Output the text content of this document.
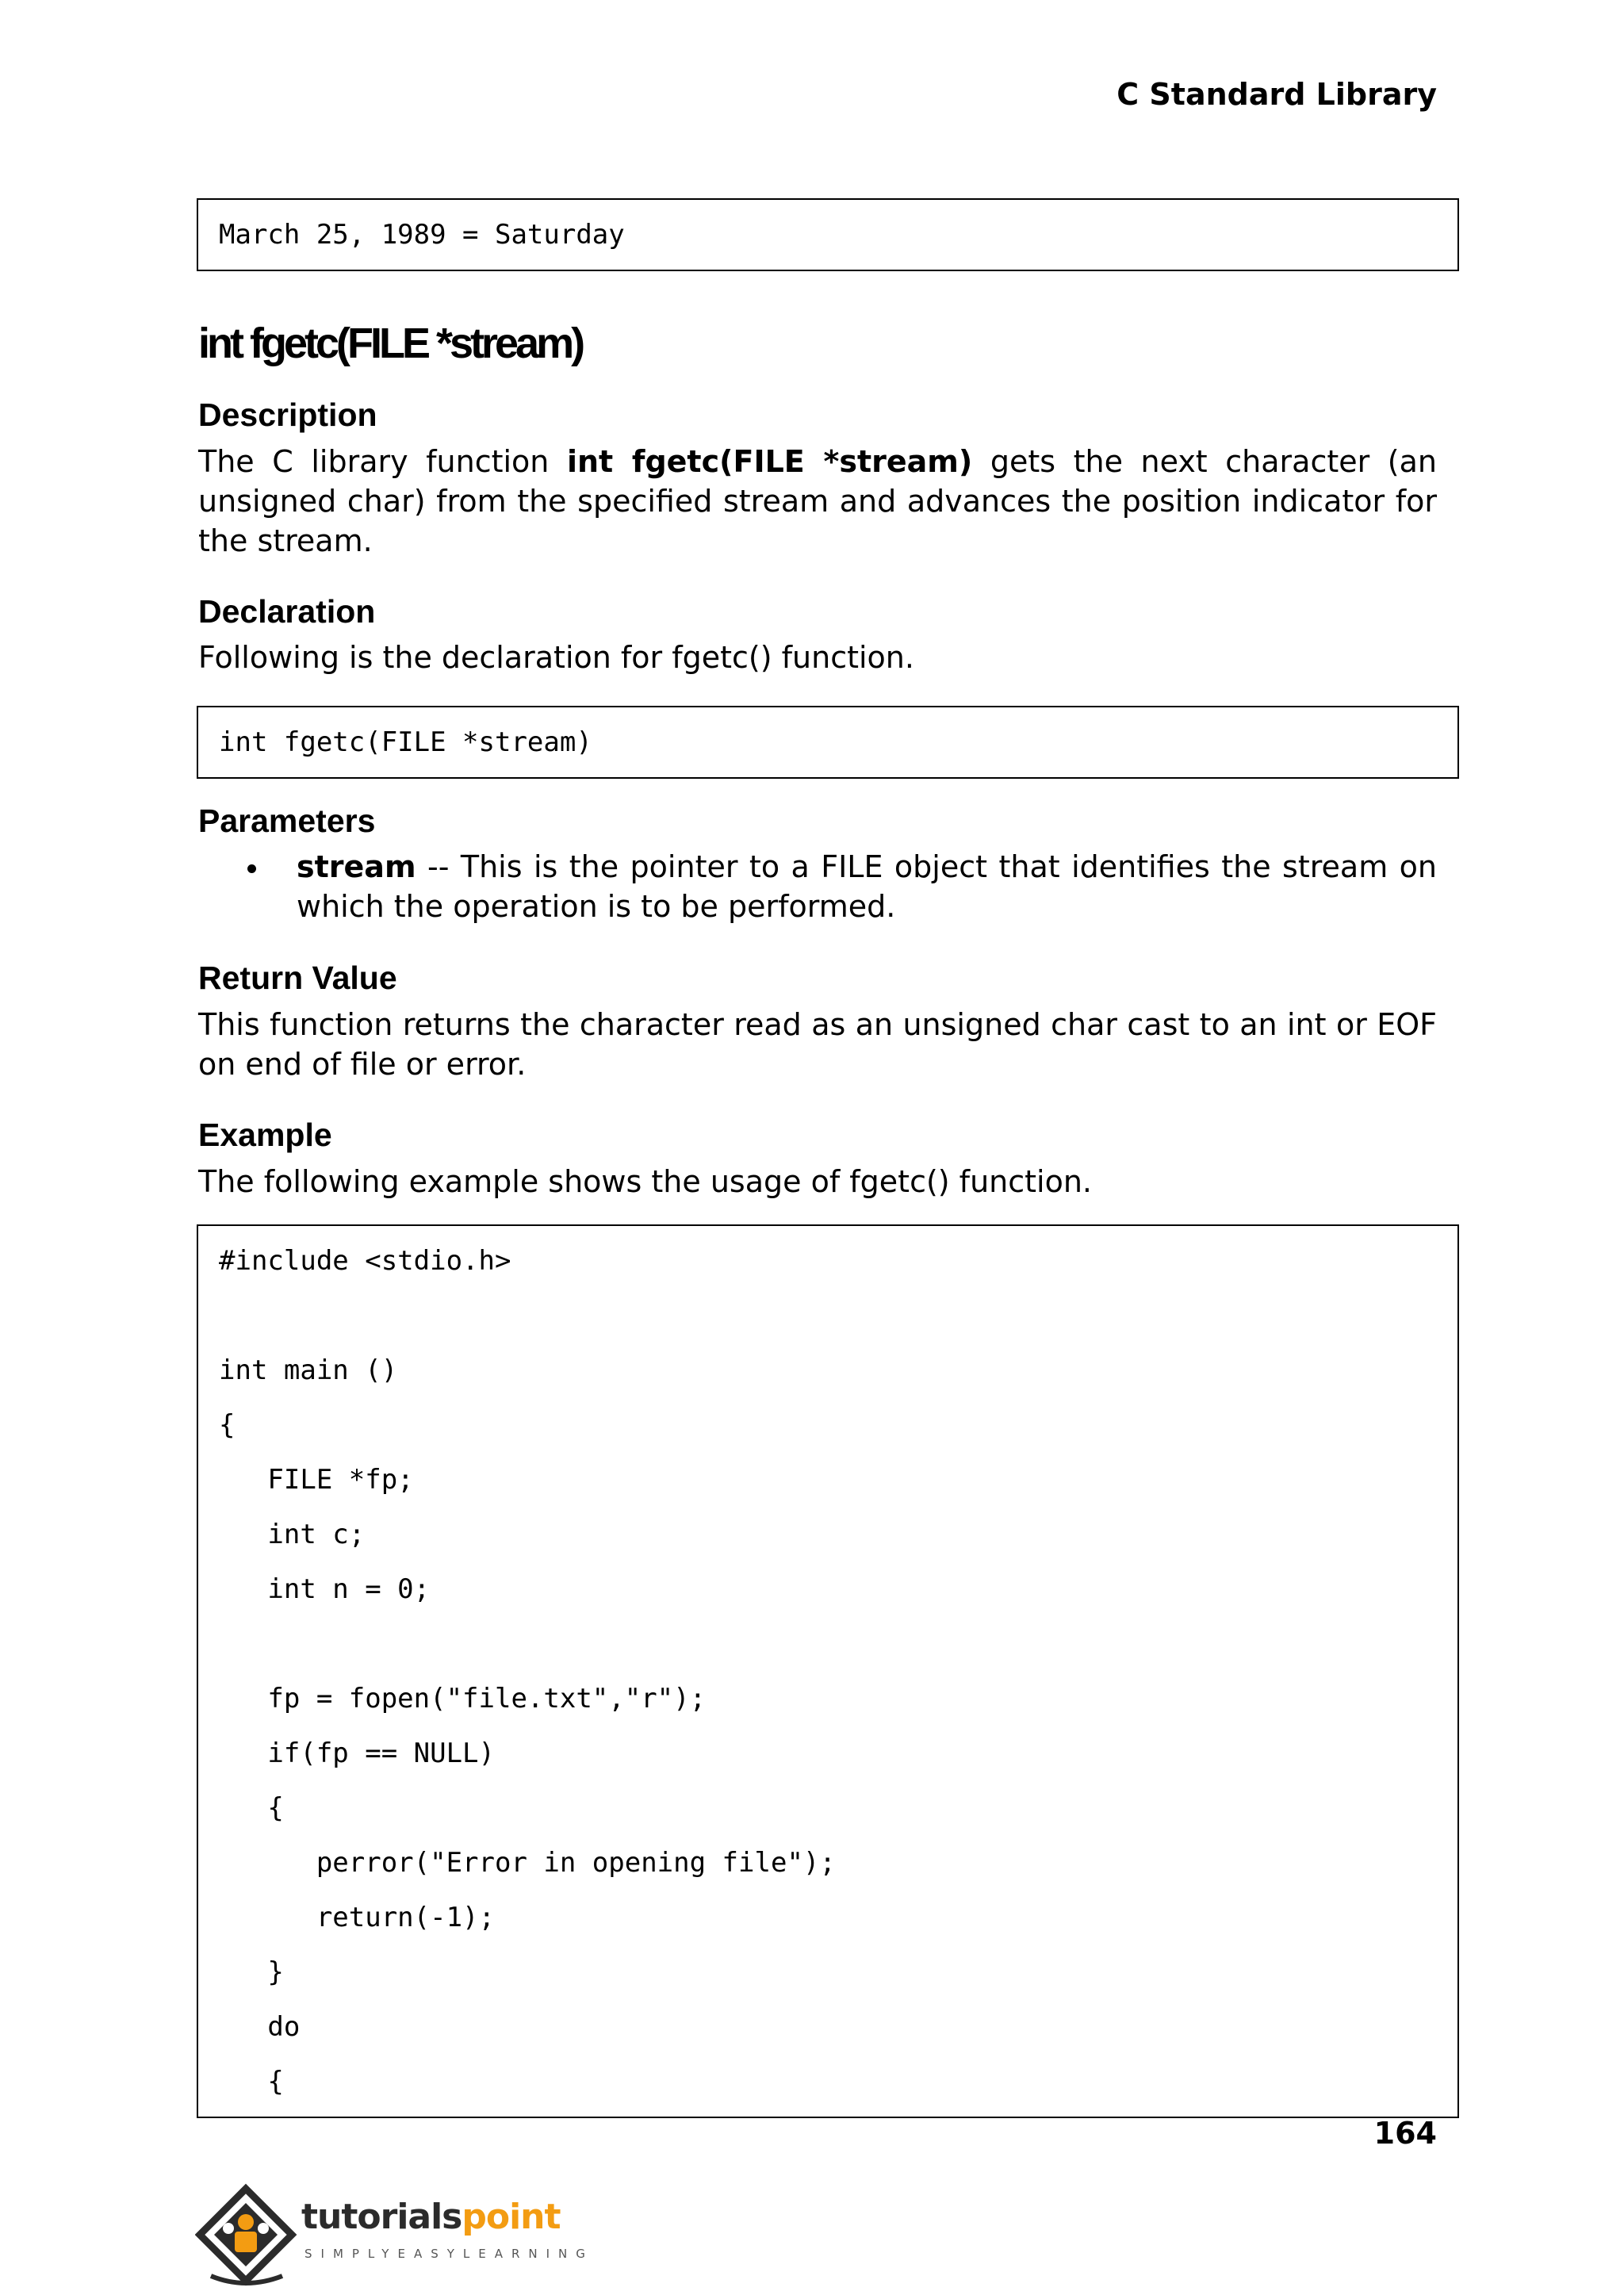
C Standard Library

March 25, 1989 = Saturday
int fgetc(FILE *stream)
Description

The C library function int fgetc(FILE *stream) gets the next character (an unsigned char) from the specified stream and advances the position indicator for the stream.

Declaration

Following is the declaration for fgetc() function.

int fgetc(FILE *stream)
Parameters
stream -- This is the pointer to a FILE object that identifies the stream on which the operation is to be performed.
Return Value

This function returns the character read as an unsigned char cast to an int or EOF on end of file or error.

Example

The following example shows the usage of fgetc() function.

#include <stdio.h>
int main ()
{
FILE *fp;
int c;
int n = 0;
fp = fopen("file.txt","r");
if(fp == NULL)
{
perror("Error in opening file");
return(-1);
}
do
{

164

tutorialspoint
SIMPLYEASYLEARNING
